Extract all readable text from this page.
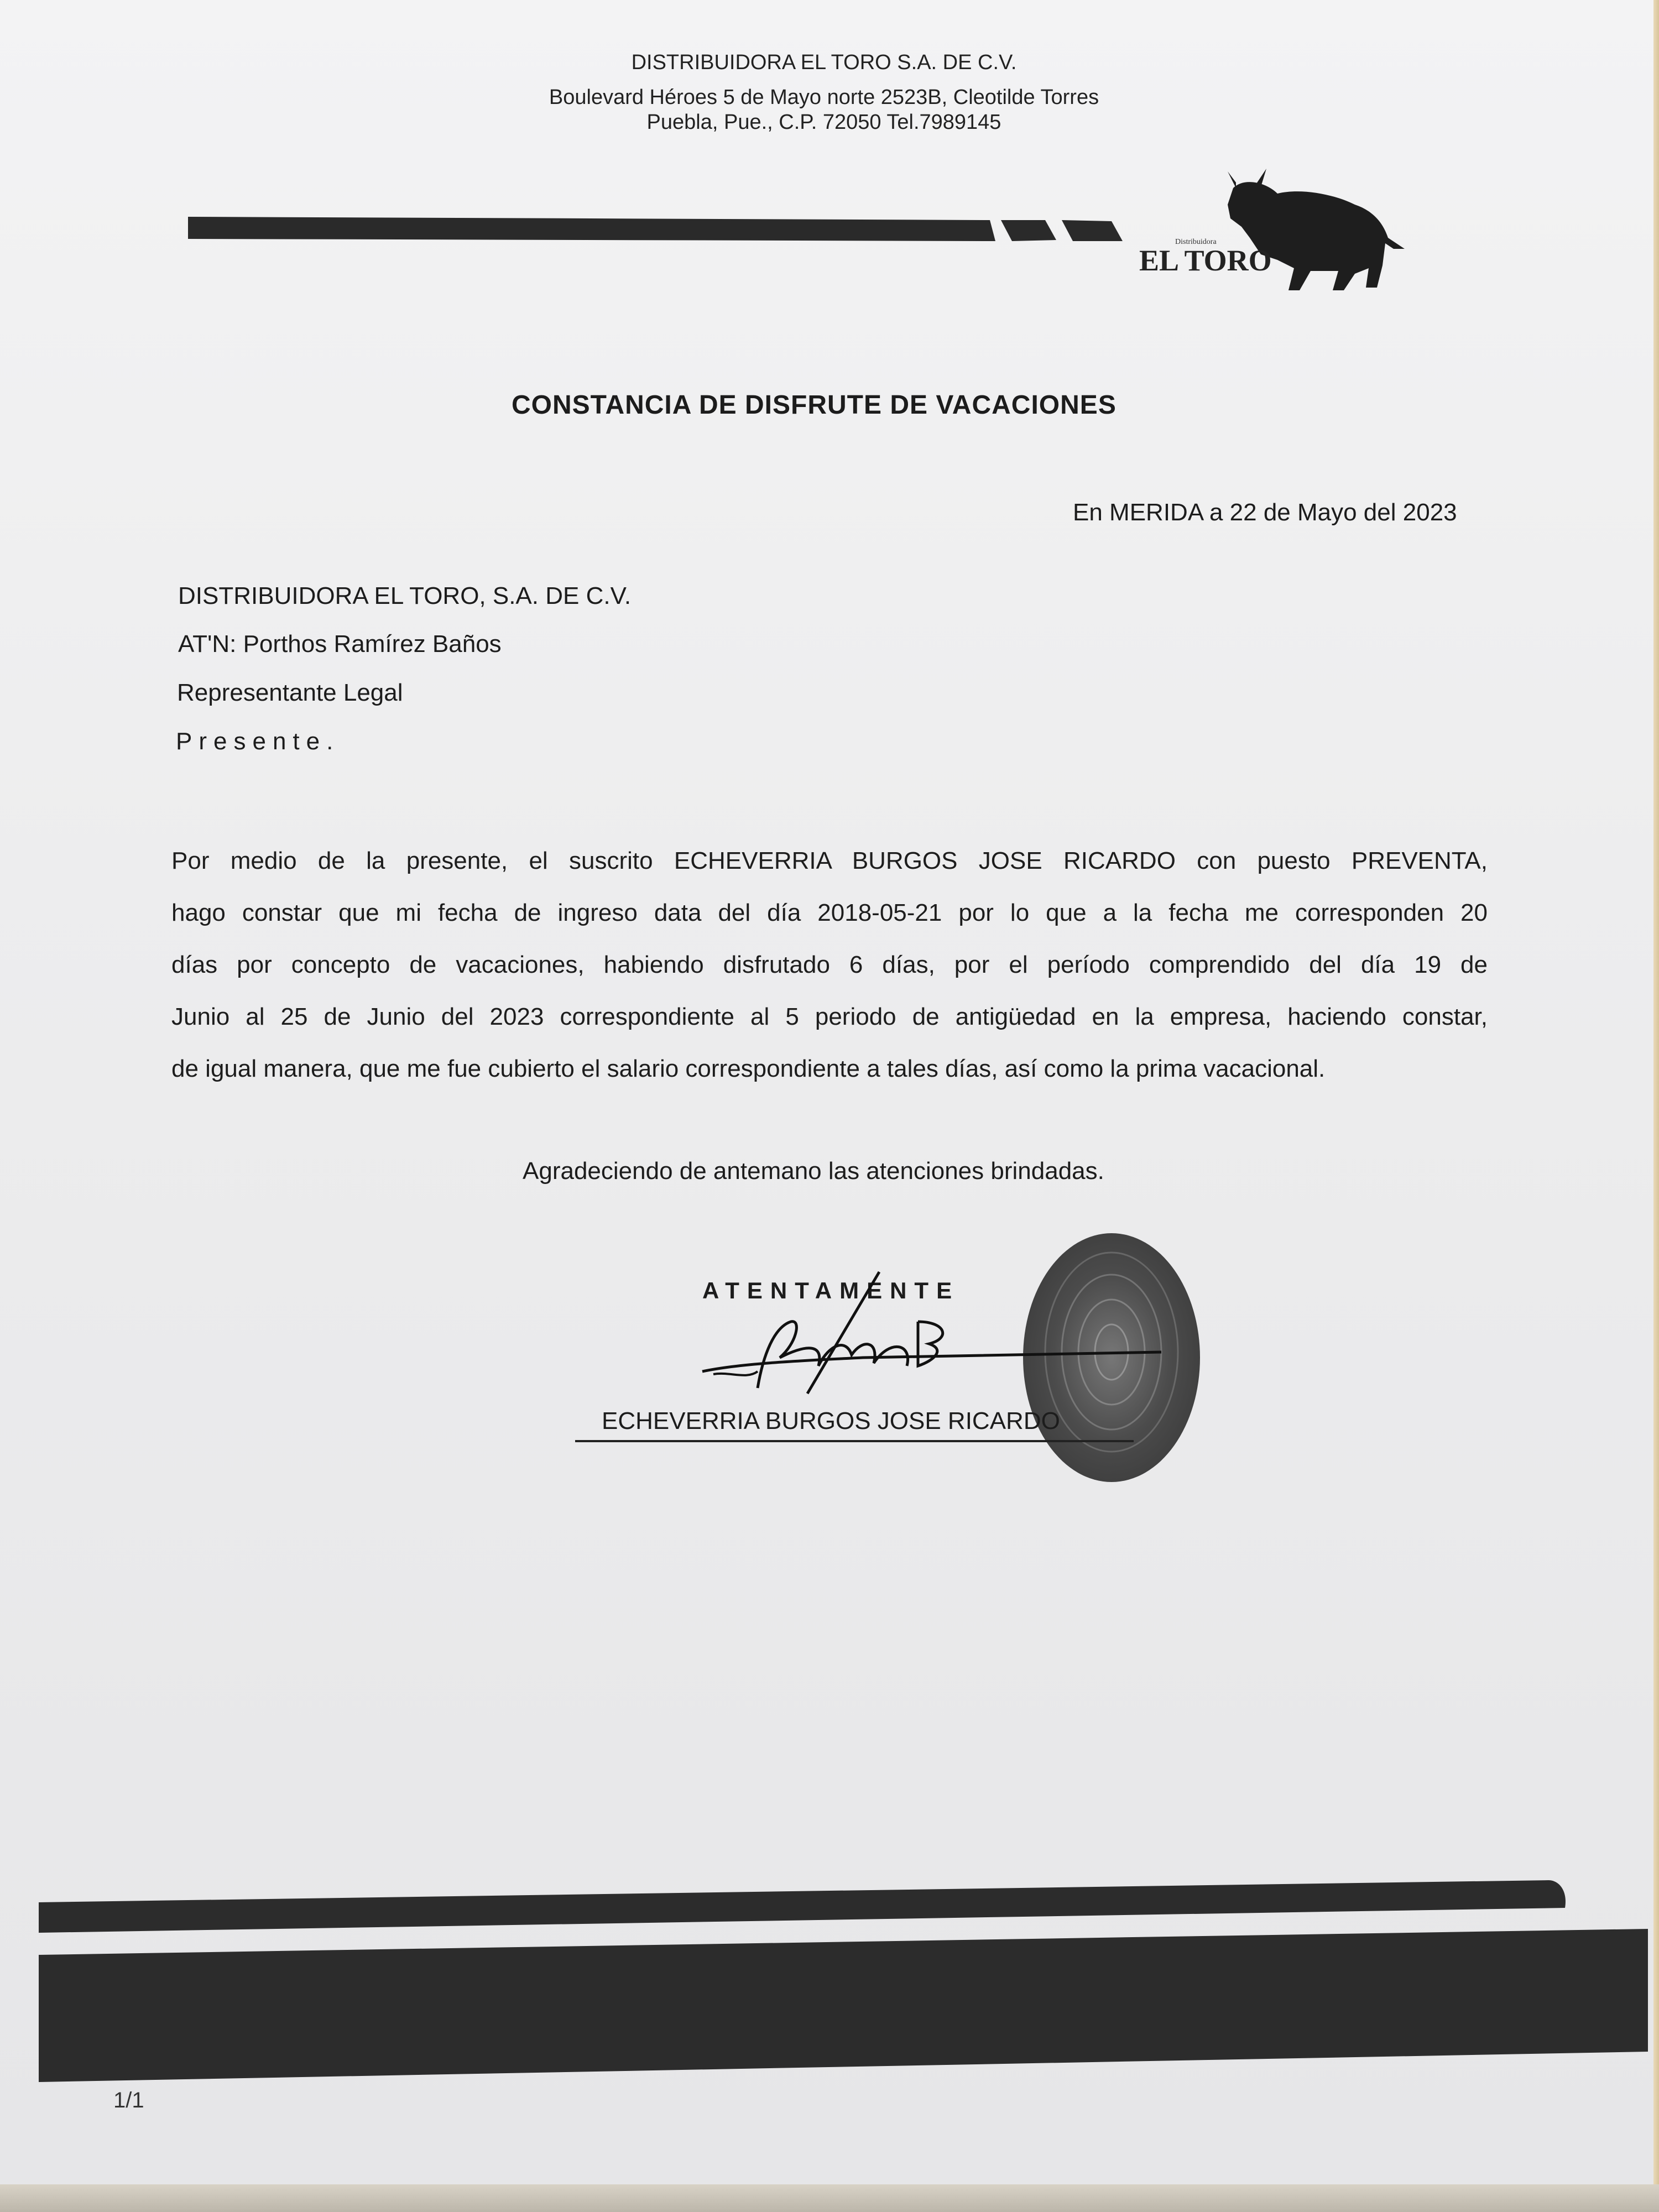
DISTRIBUIDORA EL TORO S.A. DE C.V.
Boulevard Héroes 5 de Mayo norte 2523B, Cleotilde Torres
Puebla, Pue., C.P. 72050 Tel.7989145
Distribuidora
EL TORO
CONSTANCIA DE DISFRUTE DE VACACIONES
En MERIDA a 22 de Mayo del 2023
DISTRIBUIDORA EL TORO, S.A. DE C.V.
AT'N: Porthos Ramírez Baños
Representante Legal
Presente.
Por medio de la presente, el suscrito ECHEVERRIA BURGOS JOSE RICARDO con puesto PREVENTA,
hago constar que mi fecha de ingreso data del día 2018-05-21 por lo que a la fecha me corresponden 20
días por concepto de vacaciones, habiendo disfrutado 6 días, por el período comprendido del día 19 de
Junio al 25 de Junio del 2023 correspondiente al 5 periodo de antigüedad en la empresa, haciendo constar,
de igual manera, que me fue cubierto el salario correspondiente a tales días, así como la prima vacacional.
Agradeciendo de antemano las atenciones brindadas.
ATENTAMENTE
ECHEVERRIA BURGOS JOSE RICARDO
1/1
